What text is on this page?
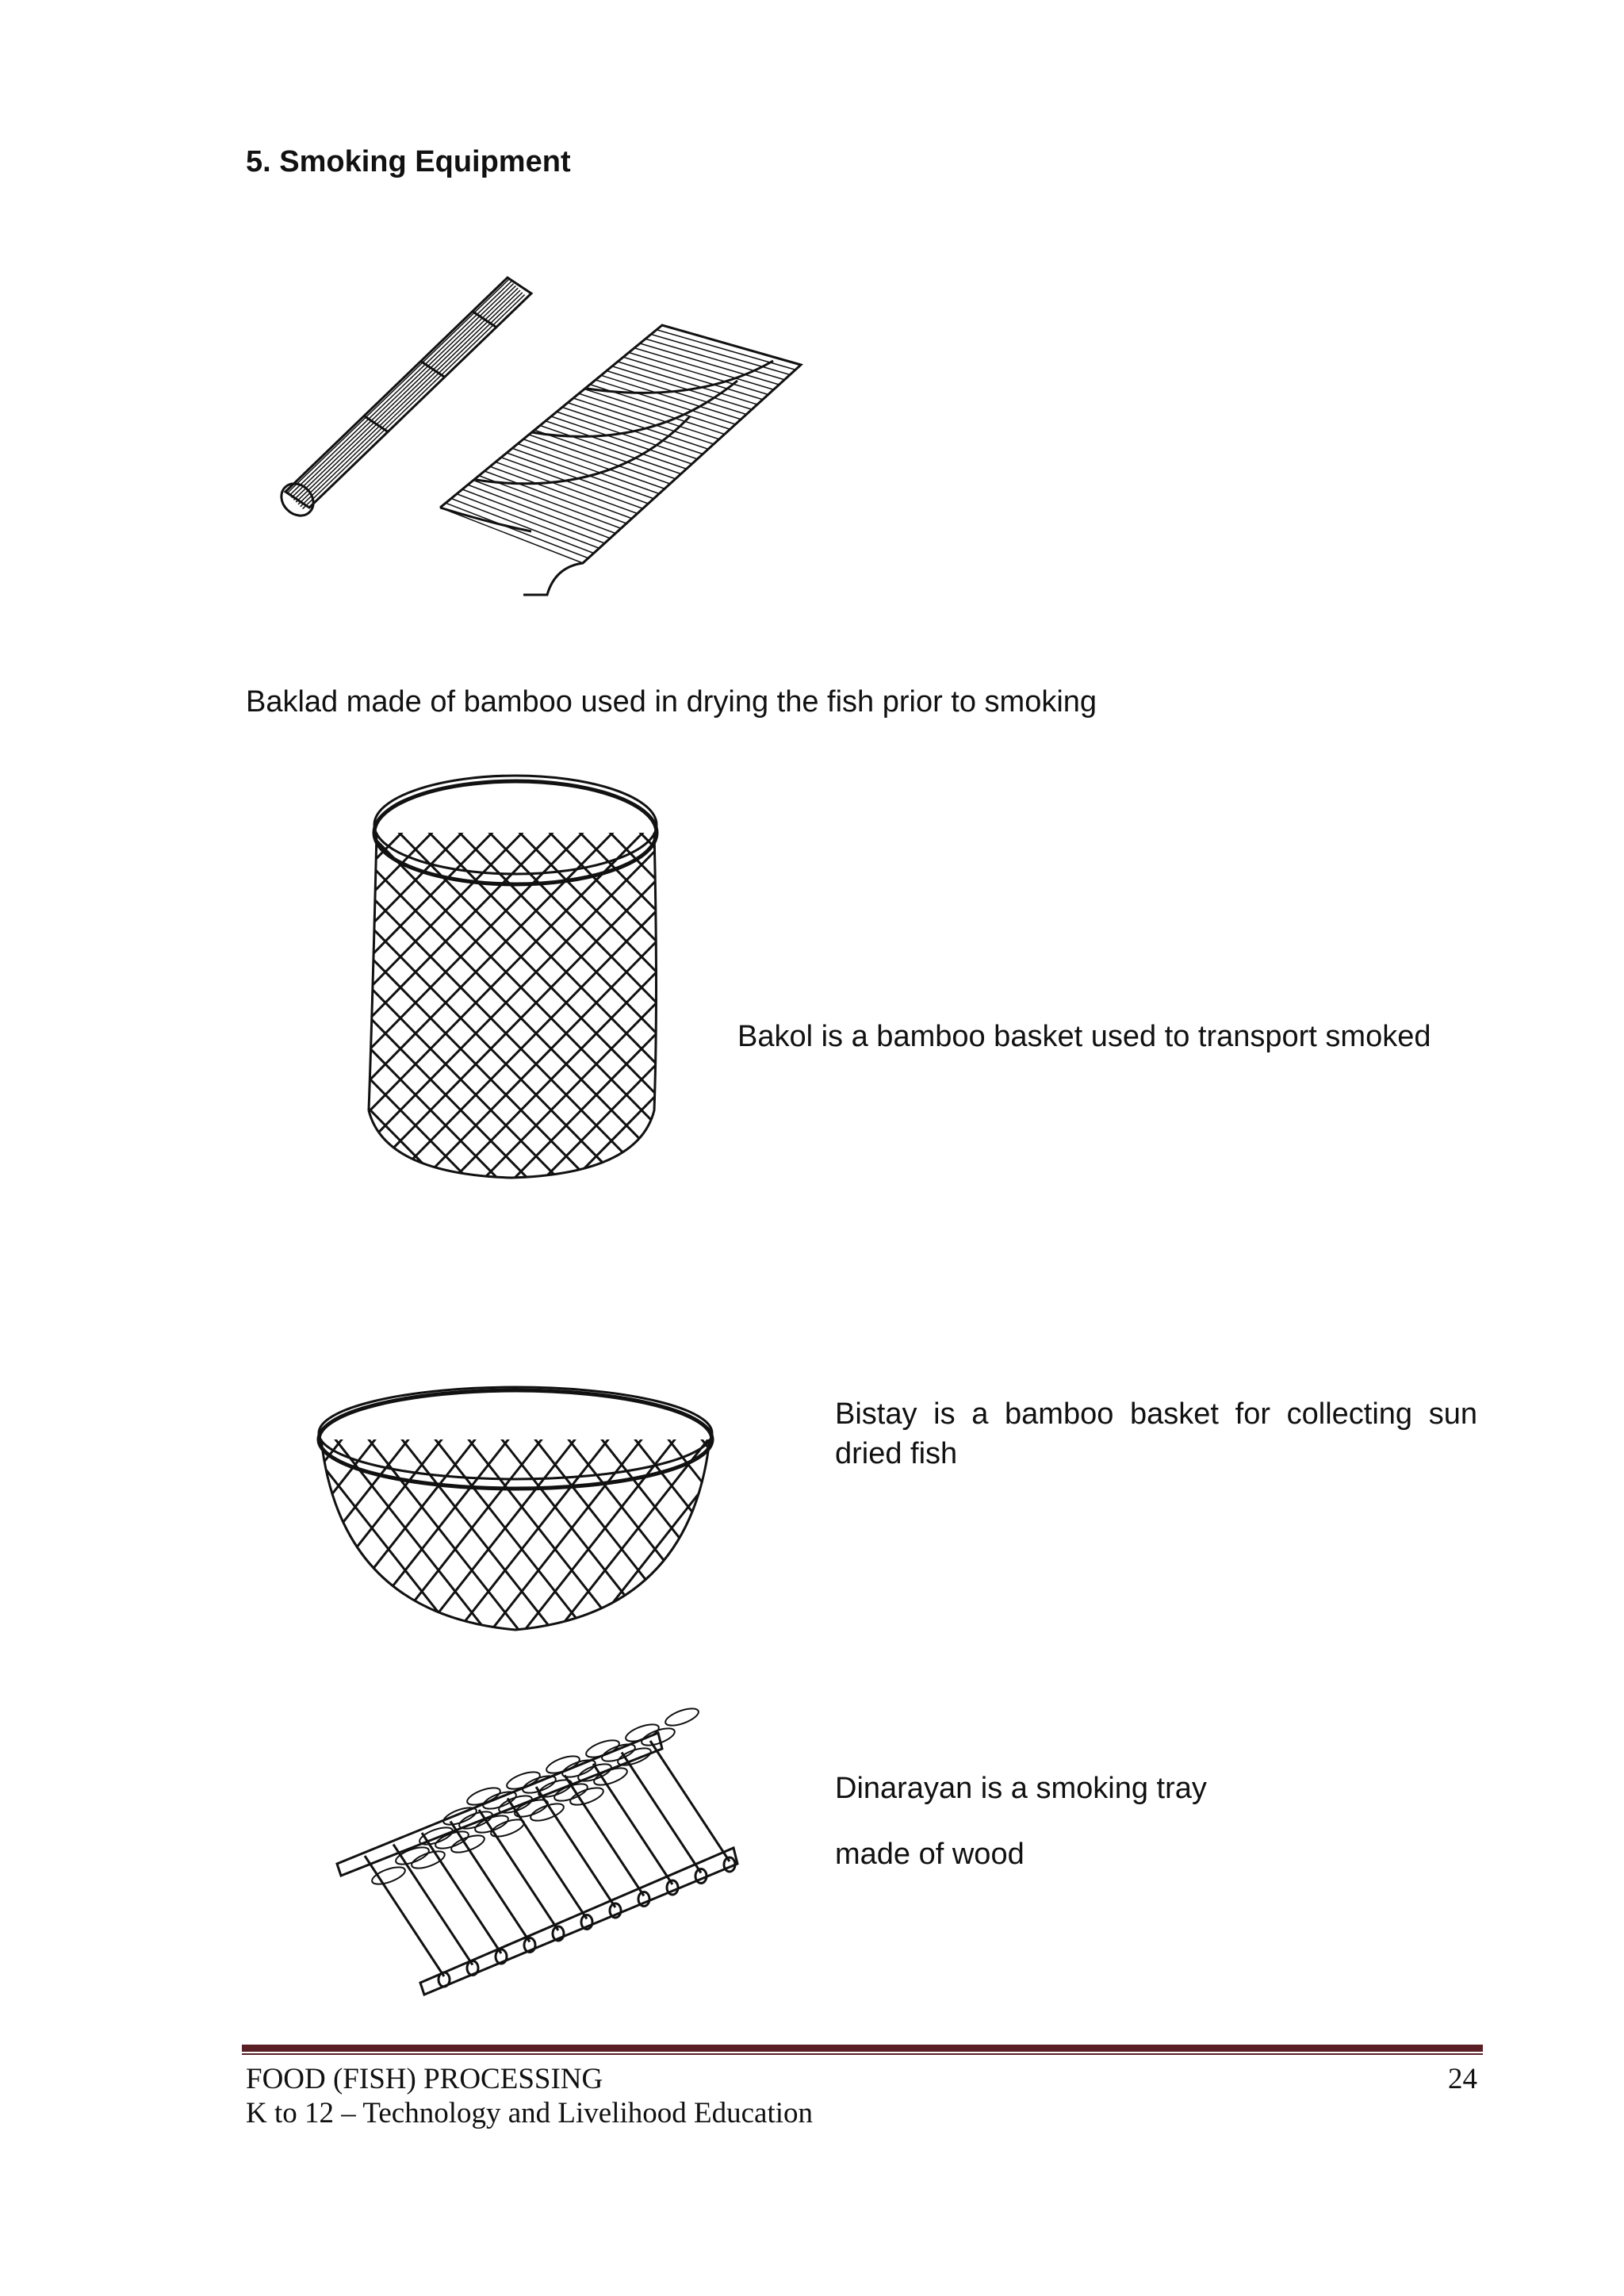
5. Smoking Equipment

Baklad made of bamboo used in drying the fish prior to smoking

Bakol is a bamboo basket used to transport smoked

Bistay is a bamboo basket for collecting sun dried fish

Dinarayan is a smoking tray

made of wood

FOOD (FISH) PROCESSING

K to 12 – Technology and Livelihood Education

24
